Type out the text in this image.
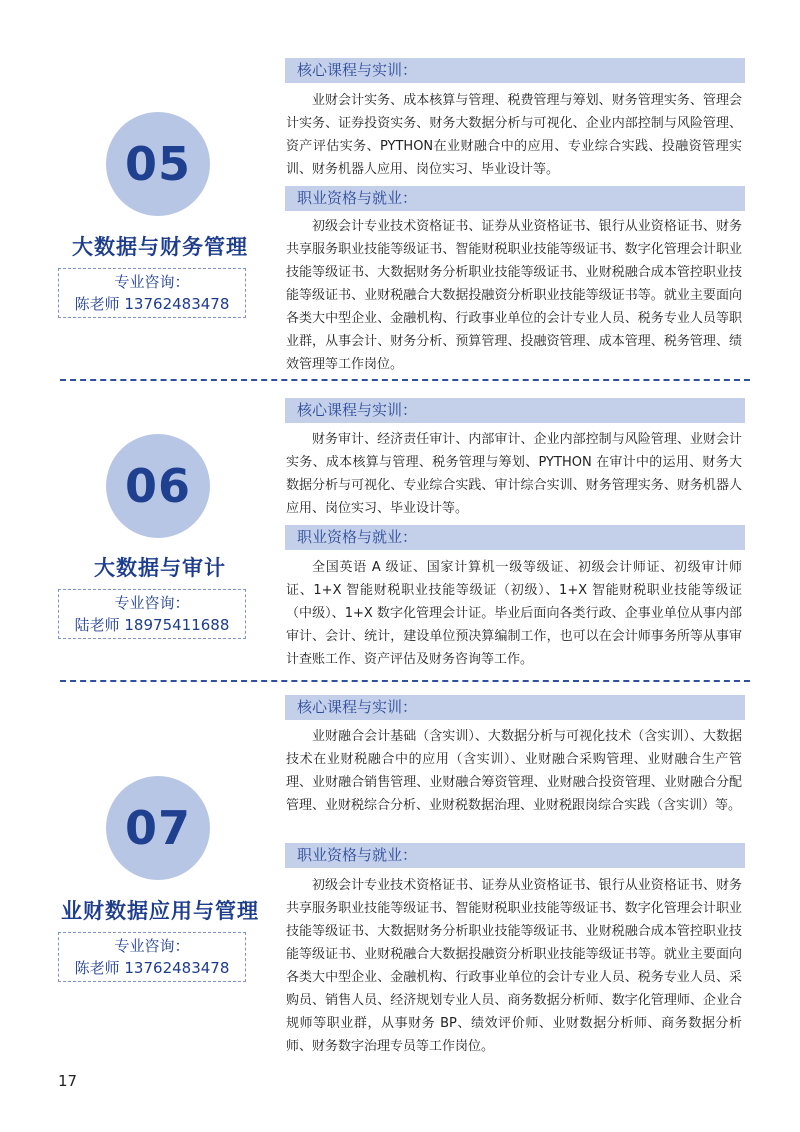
05
大数据与财务管理
专业咨询：
陈老师 13762483478
核心课程与实训：

业财会计实务、成本核算与管理、税费管理与筹划、财务管理实务、管理会计实务、证券投资实务、财务大数据分析与可视化、企业内部控制与风险管理、资产评估实务、PYTHON在业财融合中的应用、专业综合实践、投融资管理实训、财务机器人应用、岗位实习、毕业设计等。

职业资格与就业：

初级会计专业技术资格证书、证券从业资格证书、银行从业资格证书、财务共享服务职业技能等级证书、智能财税职业技能等级证书、数字化管理会计职业技能等级证书、大数据财务分析职业技能等级证书、业财税融合成本管控职业技能等级证书、业财税融合大数据投融资分析职业技能等级证书等。就业主要面向各类大中型企业、金融机构、行政事业单位的会计专业人员、税务专业人员等职业群，从事会计、财务分析、预算管理、投融资管理、成本管理、税务管理、绩效管理等工作岗位。

06
大数据与审计
专业咨询：
陆老师 18975411688
核心课程与实训：

财务审计、经济责任审计、内部审计、企业内部控制与风险管理、业财会计实务、成本核算与管理、税务管理与筹划、PYTHON 在审计中的运用、财务大数据分析与可视化、专业综合实践、审计综合实训、财务管理实务、财务机器人应用、岗位实习、毕业设计等。

职业资格与就业：

全国英语 A 级证、国家计算机一级等级证、初级会计师证、初级审计师证、1+X 智能财税职业技能等级证（初级）、1+X 智能财税职业技能等级证（中级）、1+X 数字化管理会计证。毕业后面向各类行政、企事业单位从事内部审计、会计、统计，建设单位预决算编制工作，也可以在会计师事务所等从事审计查账工作、资产评估及财务咨询等工作。

07
业财数据应用与管理
专业咨询：
陈老师 13762483478
核心课程与实训：

业财融合会计基础（含实训）、大数据分析与可视化技术（含实训）、大数据技术在业财税融合中的应用（含实训）、业财融合采购管理、业财融合生产管理、业财融合销售管理、业财融合筹资管理、业财融合投资管理、业财融合分配管理、业财税综合分析、业财税数据治理、业财税跟岗综合实践（含实训）等。

职业资格与就业：

初级会计专业技术资格证书、证券从业资格证书、银行从业资格证书、财务共享服务职业技能等级证书、智能财税职业技能等级证书、数字化管理会计职业技能等级证书、大数据财务分析职业技能等级证书、业财税融合成本管控职业技能等级证书、业财税融合大数据投融资分析职业技能等级证书等。就业主要面向各类大中型企业、金融机构、行政事业单位的会计专业人员、税务专业人员、采购员、销售人员、经济规划专业人员、商务数据分析师、数字化管理师、企业合规师等职业群，从事财务 BP、绩效评价师、业财数据分析师、商务数据分析师、财务数字治理专员等工作岗位。

17
